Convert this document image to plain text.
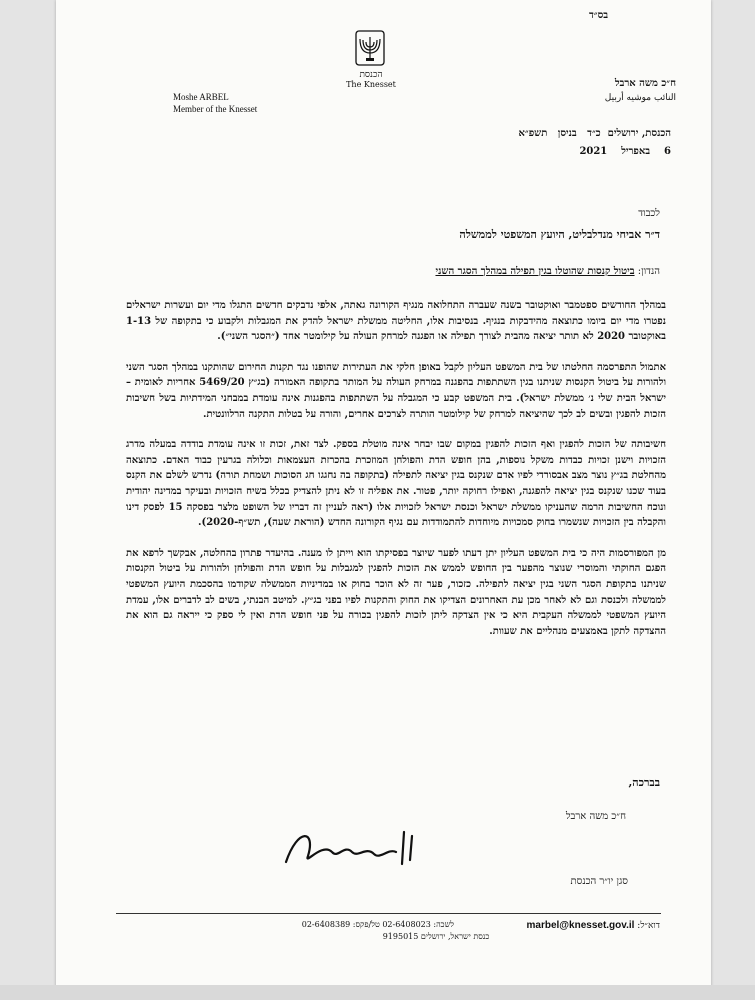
בס״ד
הכנסת
The Knesset
Moshe ARBEL
Member of the Knesset
ח״כ משה ארבל
النائب موشيه أربيل
הכנסת, ירושלים  כ״ד   בניסן   תשפ״א
6    באפריל    2021
לכבוד
ד״ר אביחי מנדלבליט, היועץ המשפטי לממשלה
הנדון: ביטול קנסות שהוטלו בגין תפילה במהלך הסגר השני

במהלך החודשים ספטמבר ואוקטובר בשנה שעברה התחלואה מנגיף הקורונה גאתה, אלפי נדבקים חדשים התגלו מדי יום ועשרות ישראלים נפטרו מדי יום ביומו כתוצאה מהידבקות בנגיף. בנסיבות אלו, החליטה ממשלת ישראל להדק את המגבלות ולקבוע כי בתקופה של 1-13 באוקטובר 2020 לא תותר יציאה מהבית לצורך תפילה או הפגנה למרחק העולה על קילומטר אחד (״הסגר השני״).

אתמול התפרסמה החלטתו של בית המשפט העליון לקבל באופן חלקי את העתירות שהופנו נגד תקנות החירום שהותקנו במהלך הסגר השני ולהורות על ביטול הקנסות שניתנו בגין השתתפות בהפגנה במרחק העולה על המותר בתקופה האמורה (בג״ץ 5469/20 אחריות לאומית – ישראל הבית שלי נ׳ ממשלת ישראל). בית המשפט קבע כי המגבלה על השתתפות בהפגנות אינה עומדת במבחני המידתיות בשל חשיבות הזכות להפגין ובשים לב לכך שהיציאה למרחק של קילומטר הותרה לצרכים אחרים, והורה על בטלות התקנה הרלוונטית.

חשיבותה של הזכות להפגין ואף הזכות להפגין במקום שבו יבחר אינה מוטלת בספק. לצד זאת, זכות זו אינה עומדת בודדה במעלה מדרג הזכויות וישנן זכויות כבדות משקל נוספות, בהן חופש הדת והפולחן המוזכרת בהכרזת העצמאות וכלולה בגרעין כבוד האדם. כתוצאה מהחלטת בג״ץ נוצר מצב אבסורדי לפיו אדם שנקנס בגין יציאה לתפילה (בתקופה בה נחגגו חג הסוכות ושמחת תורה) נדרש לשלם את הקנס בעוד שכנו שנקנס בגין יציאה להפגנה, ואפילו רחוקה יותר, פטור. את אפליה זו לא ניתן להצדיק בכלל בשיח הזכויות ובעיקר במדינה יהודית ונוכח החשיבות הרמה שהעניקו ממשלת ישראל וכנסת ישראל לזכויות אלו (ראה לעניין זה דבריו של השופט מלצר בפסקה 15 לפסק דינו והקבלה בין הזכויות שנשמרו בחוק סמכויות מיוחדות להתמודדות עם נגיף הקורונה החדש (הוראת שעה), תש״ף-2020).

מן המפורסמות היה כי בית המשפט העליון יתן דעתו לפער שיוצר בפסיקתו הוא וייתן לו מענה. בהיעדר פתרון בהחלטה, אבקשך לרפא את הפגם החוקתי והמוסרי שנוצר מהפער בין החופש לממש את הזכות להפגין למגבלות על חופש הדת והפולחן ולהורות על ביטול הקנסות שניתנו בתקופת הסגר השני בגין יציאה לתפילה. כזכור, פער זה לא הוכר בחוק או במדיניות הממשלה שקודמו בהסכמת היועץ המשפטי לממשלה ולכנסת וגם לא לאחר מכן עת האחרונים הצדיקו את החוק והתקנות לפיו בפני בג״ץ. למיטב הבנתי, בשים לב לדברים אלו, עמדת היועץ המשפטי לממשלה העקבית היא כי אין הצדקה ליתן לזכות להפגין בכורה על פני חופש הדת ואין לי ספק כי ייראה גם הוא את ההצדקה לתקן באמצעים מנהליים את שעוות.

בברכה,
ח״כ משה ארבל
סגן יו״ר הכנסת
דוא״ל: marbel@knesset.gov.il
לשכה: 02-6408023 טל/פקס: 02-6408389
כנסת ישראל, ירושלים 9195015
